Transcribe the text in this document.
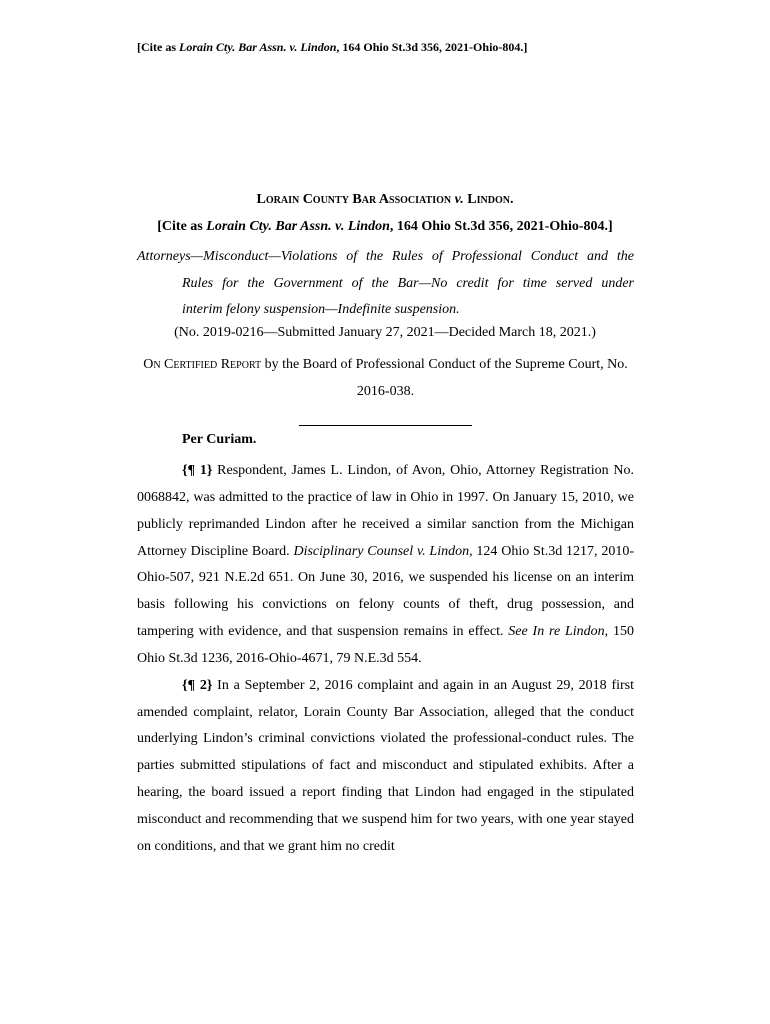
[Cite as Lorain Cty. Bar Assn. v. Lindon, 164 Ohio St.3d 356, 2021-Ohio-804.]
Lorain County Bar Association v. Lindon.
[Cite as Lorain Cty. Bar Assn. v. Lindon, 164 Ohio St.3d 356, 2021-Ohio-804.]
Attorneys—Misconduct—Violations of the Rules of Professional Conduct and the
Rules for the Government of the Bar—No credit for time served under
interim felony suspension—Indefinite suspension.
(No. 2019-0216—Submitted January 27, 2021—Decided March 18, 2021.)
On Certified Report by the Board of Professional Conduct of the Supreme Court, No. 2016-038.
Per Curiam.

{¶ 1} Respondent, James L. Lindon, of Avon, Ohio, Attorney Registration No. 0068842, was admitted to the practice of law in Ohio in 1997. On January 15, 2010, we publicly reprimanded Lindon after he received a similar sanction from the Michigan Attorney Discipline Board. Disciplinary Counsel v. Lindon, 124 Ohio St.3d 1217, 2010-Ohio-507, 921 N.E.2d 651. On June 30, 2016, we suspended his license on an interim basis following his convictions on felony counts of theft, drug possession, and tampering with evidence, and that suspension remains in effect. See In re Lindon, 150 Ohio St.3d 1236, 2016-Ohio-4671, 79 N.E.3d 554.

{¶ 2} In a September 2, 2016 complaint and again in an August 29, 2018 first amended complaint, relator, Lorain County Bar Association, alleged that the conduct underlying Lindon’s criminal convictions violated the professional-conduct rules. The parties submitted stipulations of fact and misconduct and stipulated exhibits. After a hearing, the board issued a report finding that Lindon had engaged in the stipulated misconduct and recommending that we suspend him for two years, with one year stayed on conditions, and that we grant him no credit
